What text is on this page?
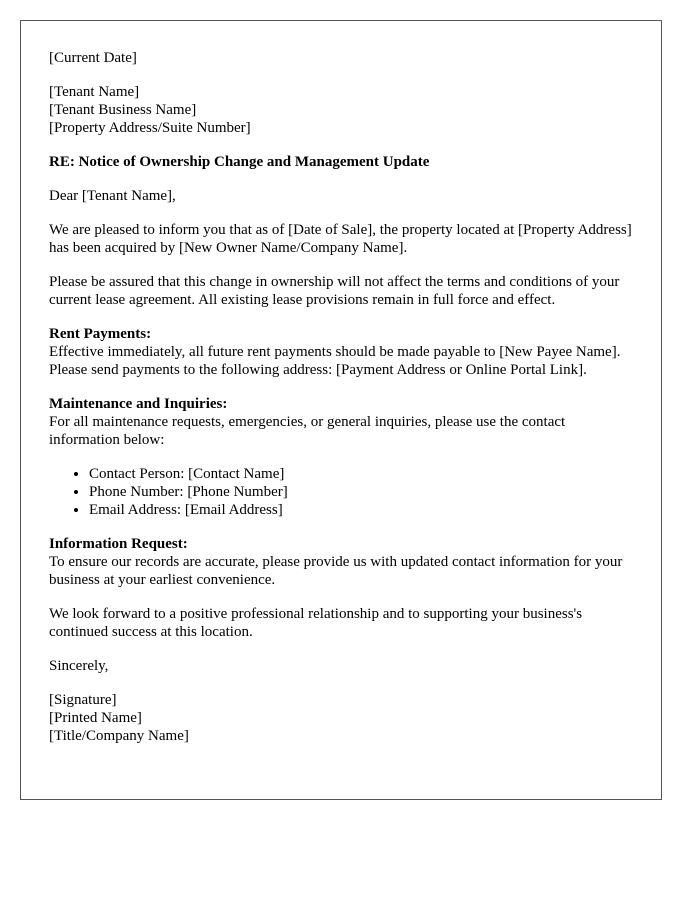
[Current Date]
[Tenant Name]
[Tenant Business Name]
[Property Address/Suite Number]

RE: Notice of Ownership Change and Management Update

Dear [Tenant Name],

We are pleased to inform you that as of [Date of Sale], the property located at [Property Address] has been acquired by [New Owner Name/Company Name].

Please be assured that this change in ownership will not affect the terms and conditions of your current lease agreement. All existing lease provisions remain in full force and effect.

Rent Payments:
Effective immediately, all future rent payments should be made payable to [New Payee Name]. Please send payments to the following address: [Payment Address or Online Portal Link].
Maintenance and Inquiries:
For all maintenance requests, emergencies, or general inquiries, please use the contact information below:
• Contact Person: [Contact Name]
• Phone Number: [Phone Number]
• Email Address: [Email Address]
Information Request:
To ensure our records are accurate, please provide us with updated contact information for your business at your earliest convenience.

We look forward to a positive professional relationship and to supporting your business's continued success at this location.

Sincerely,

[Signature]
[Printed Name]
[Title/Company Name]
